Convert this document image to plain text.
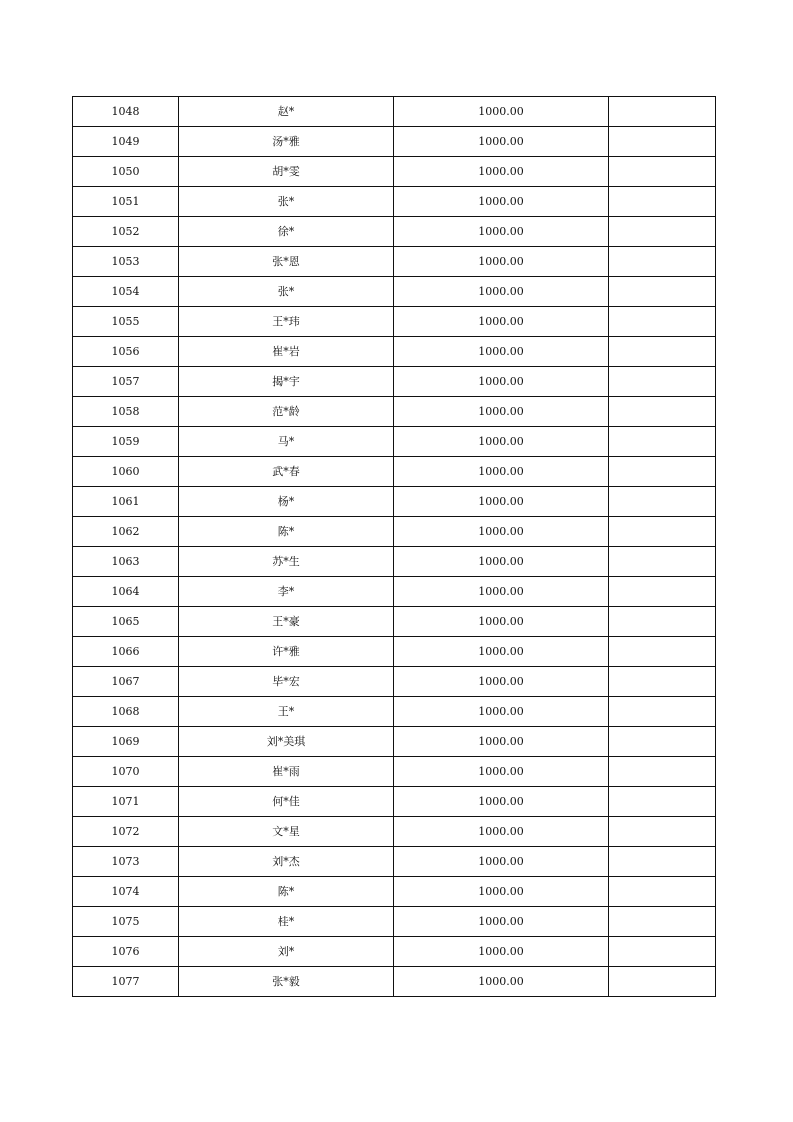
1048	赵*	1000.00	
1049	汤*雅	1000.00	
1050	胡*雯	1000.00	
1051	张*	1000.00	
1052	徐*	1000.00	
1053	张*恩	1000.00	
1054	张*	1000.00	
1055	王*玮	1000.00	
1056	崔*岩	1000.00	
1057	揭*宇	1000.00	
1058	范*龄	1000.00	
1059	马*	1000.00	
1060	武*春	1000.00	
1061	杨*	1000.00	
1062	陈*	1000.00	
1063	苏*生	1000.00	
1064	李*	1000.00	
1065	王*豪	1000.00	
1066	许*雅	1000.00	
1067	毕*宏	1000.00	
1068	王*	1000.00	
1069	刘*美琪	1000.00	
1070	崔*雨	1000.00	
1071	何*佳	1000.00	
1072	文*星	1000.00	
1073	刘*杰	1000.00	
1074	陈*	1000.00	
1075	桂*	1000.00	
1076	刘*	1000.00	
1077	张*毅	1000.00	
